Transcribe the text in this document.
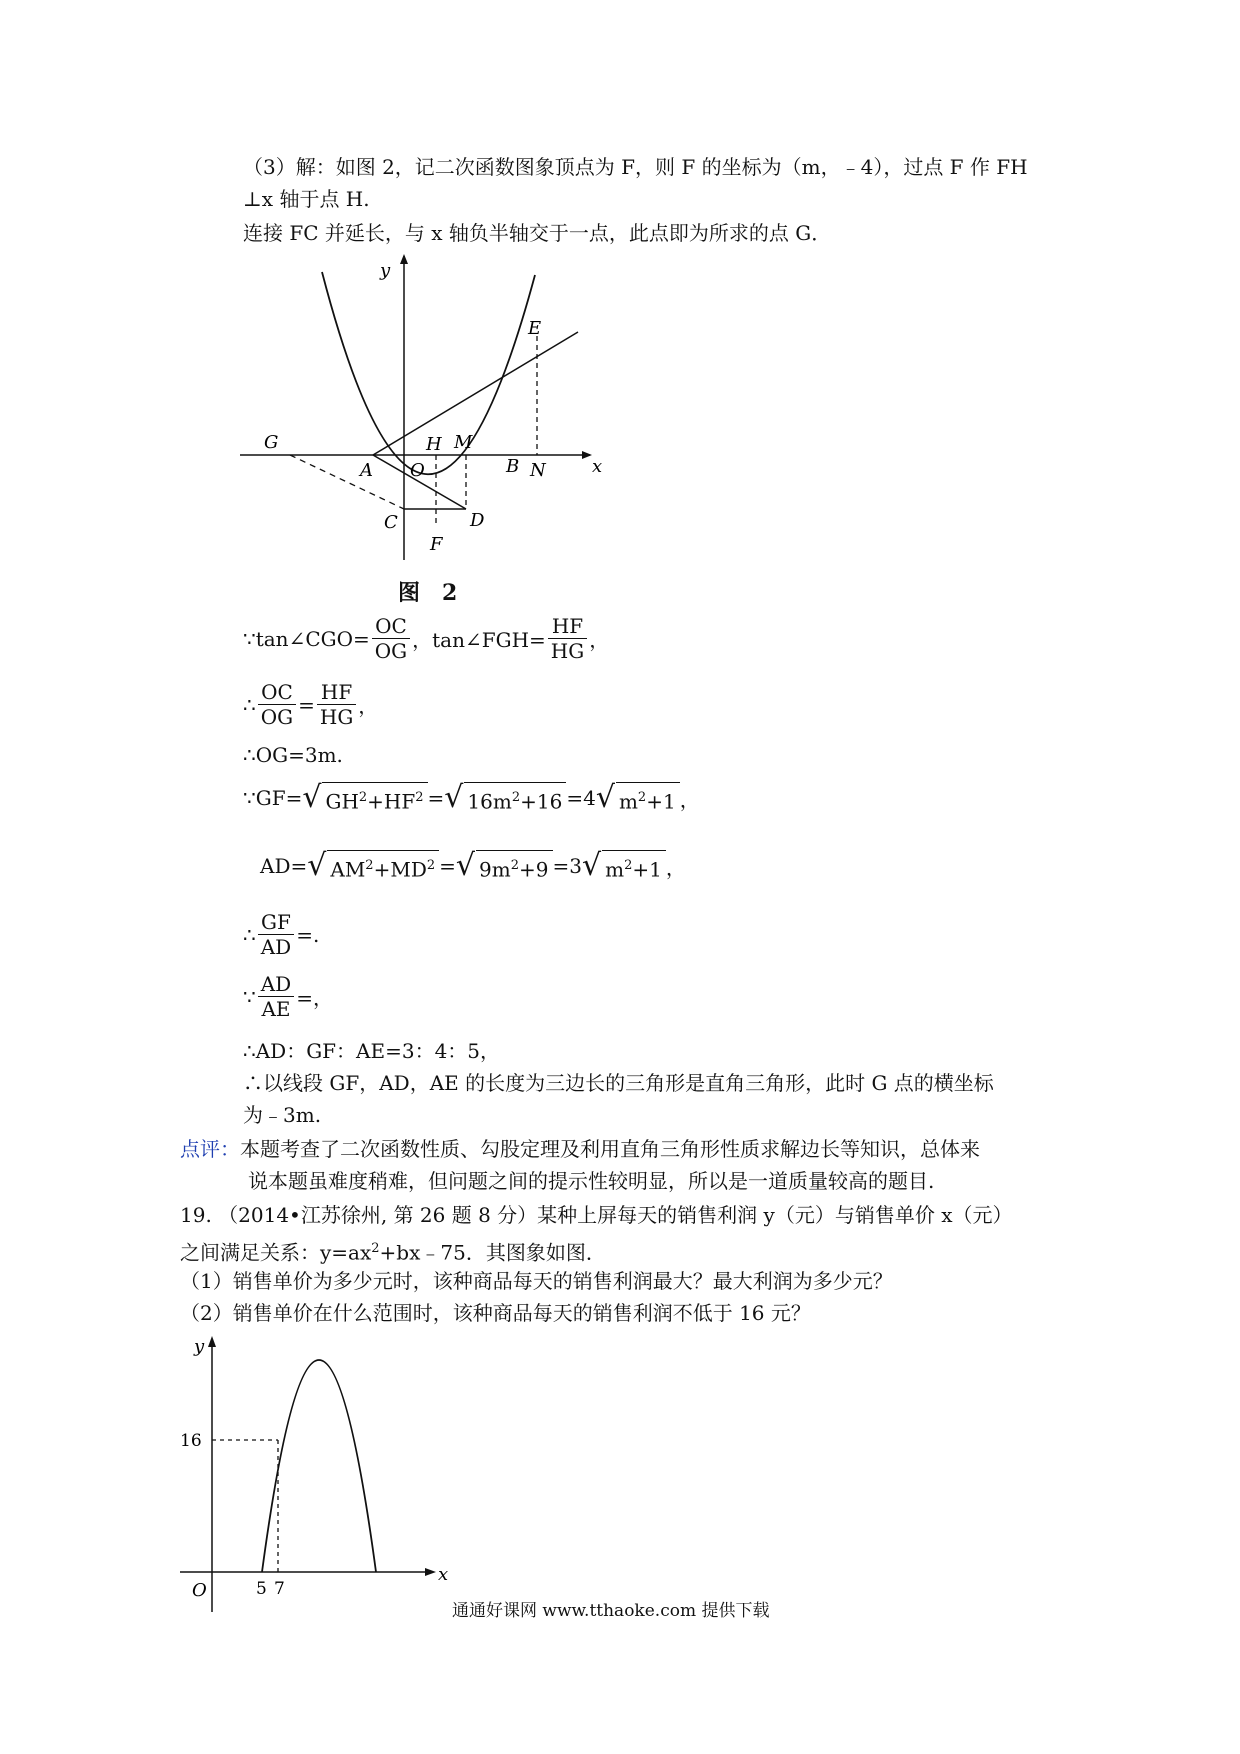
（3）解：如图 2，记二次函数图象顶点为 F，则 F 的坐标为（m，﹣4），过点 F 作 FH
⊥x 轴于点 H.
连接 FC 并延长，与 x 轴负半轴交于一点，此点即为所求的点 G．
y
x
G	H M
E
A O	B N
C	D
F
图　2
∵tan∠CGO= $\frac{OC}{OG}$ ，tan∠FGH= $\frac{HF}{HG}$ ，
∴ $\frac{OC}{OG} = \frac{HF}{HG}$ ，
∴OG=3m.
∵GF= √ $GH^2+HF^2$ = √ $16m^2+16 =4$ √ $m^2+1$ ，
AD= √ $AM^2+MD^2$ = √ $9m^2+9 =3$ √ $m^2+1$ ，
∴ $\frac{GF}{AD}$ =.
∵ $\frac{AD}{AE}$ =，
∴AD：GF：AE=3：4：5，
∴以线段 GF，AD，AE 的长度为三边长的三角形是直角三角形，此时 G 点的横坐标
为﹣3m.
点评：本题考查了二次函数性质、勾股定理及利用直角三角形性质求解边长等知识，总体来
说本题虽难度稍难，但问题之间的提示性较明显，所以是一道质量较高的题目.
19. （2014•江苏徐州, 第 26 题 8 分）某种上屏每天的销售利润 y（元）与销售单价 x（元）
之间满足关系：$y=ax^2+bx﹣75$．其图象如图．
（1）销售单价为多少元时，该种商品每天的销售利润最大？最大利润为多少元？
（2）销售单价在什么范围时，该种商品每天的销售利润不低于 16 元？
y
x
O
16
5 7
通通好课网 www.tthaoke.com 提供下载
